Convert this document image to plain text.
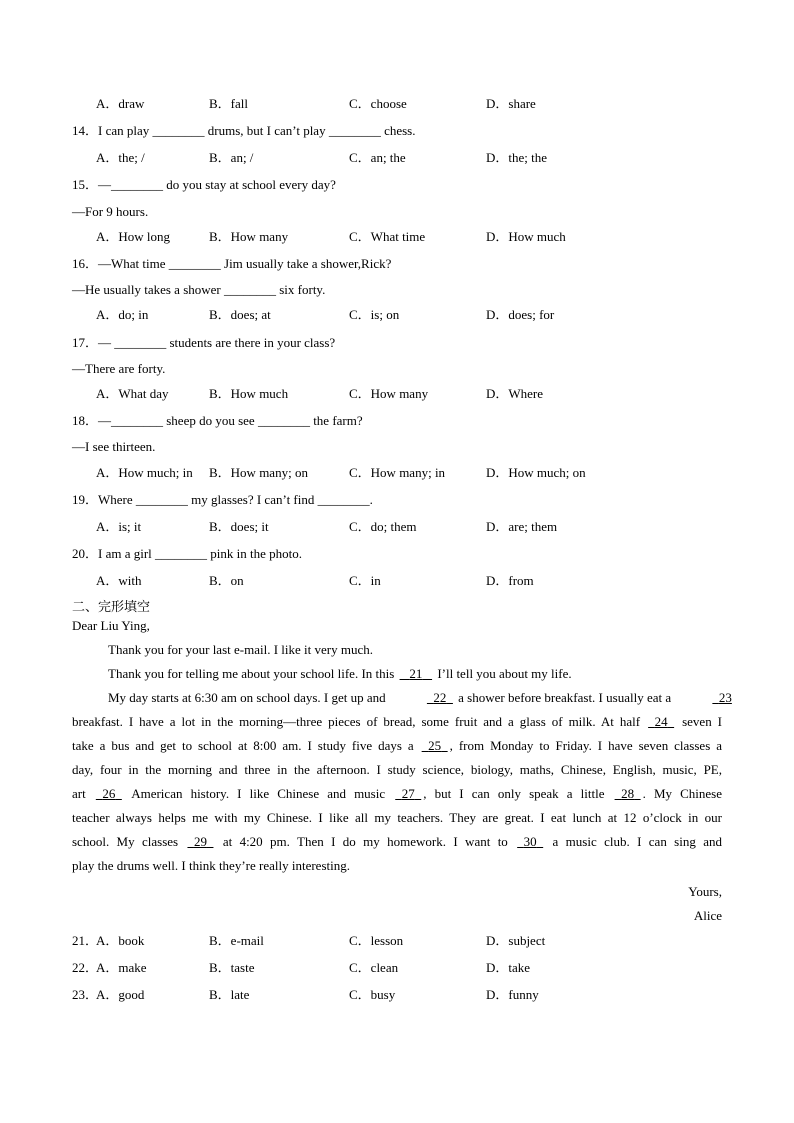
A．draw	B．fall	C．choose	D．share
14．I can play ________ drums, but I can’t play ________ chess.
A．the; /	B．an; /	C．an; the	D．the; the
15．—________ do you stay at school every day?
—For 9 hours.
A．How long	B．How many	C．What time	D．How much
16．—What time ________ Jim usually take a shower,Rick?
—He usually takes a shower ________ six forty.
A．do; in	B．does; at	C．is; on	D．does; for
17．— ________ students are there in your class?
—There are forty.
A．What day	B．How much	C．How many	D．Where
18．—________ sheep do you see ________ the farm?
—I see thirteen.
A．How much; in B．How many; on	C．How many; in	D．How much; on
19．Where ________ my glasses? I can’t find ________.
A．is; it	B．does; it	C．do; them	D．are; them
20．I am a girl ________ pink in the photo.
A．with	B．on	C．in	D．from
二、完形填空
Dear Liu Ying,
Thank you for your last e-mail. I like it very much.
Thank you for telling me about your school life. In this    21    I’ll tell you about my life.
My day starts at 6:30 am on school days. I get up and	22   a shower before breakfast. I usually eat a	23
breakfast. I have a lot in the morning—three pieces of bread, some fruit and a glass of milk. At half   24   seven I
take a bus and get to school at 8:00 am. I study five days a   25 , from Monday to Friday. I have seven classes a
day, four in the morning and three in the afternoon. I study science, biology, maths, Chinese, English, music, PE,
art   26   American history. I like Chinese and music   27 , but I can only speak a little   28 . My Chinese
teacher always helps me with my Chinese. I like all my teachers. They are great. I eat lunch at 12 o’clock in our
school. My classes   29   at 4:20 pm. Then I do my homework. I want to   30   a music club. I can sing and
play the drums well. I think they’re really interesting.
Yours,
Alice
21．
A．book	B．e-mail	C．lesson	D．subject
22．
A．make	B．taste	C．clean	D．take
23．
A．good	B．late	C．busy	D．funny
